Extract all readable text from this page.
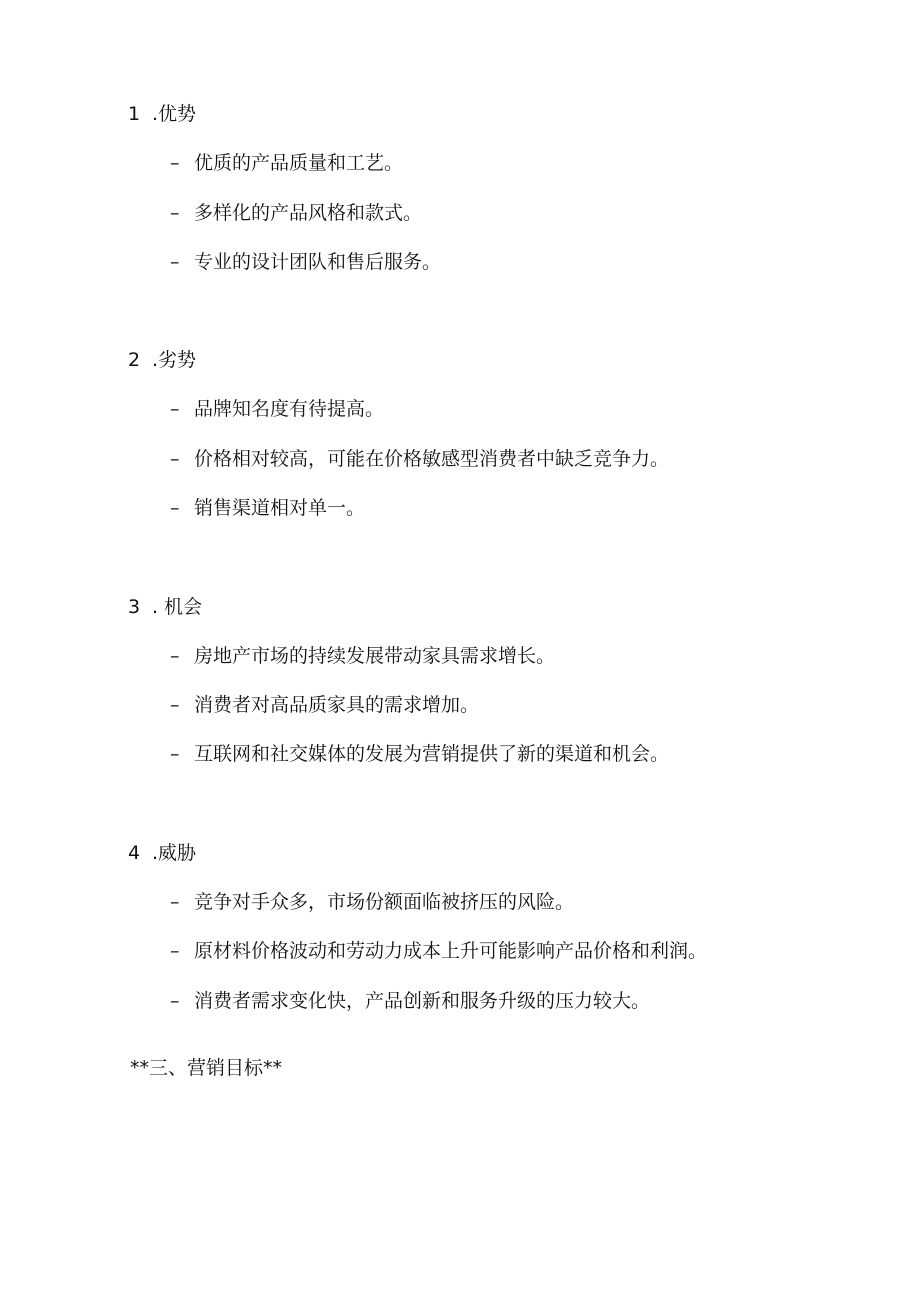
1 .优势
– 优质的产品质量和工艺。
– 多样化的产品风格和款式。
– 专业的设计团队和售后服务。
2 .劣势
– 品牌知名度有待提高。
– 价格相对较高，可能在价格敏感型消费者中缺乏竞争力。
– 销售渠道相对单一。
3 . 机会
– 房地产市场的持续发展带动家具需求增长。
– 消费者对高品质家具的需求增加。
– 互联网和社交媒体的发展为营销提供了新的渠道和机会。
4 .威胁
– 竞争对手众多，市场份额面临被挤压的风险。
– 原材料价格波动和劳动力成本上升可能影响产品价格和利润。
– 消费者需求变化快，产品创新和服务升级的压力较大。
**三、营销目标**
